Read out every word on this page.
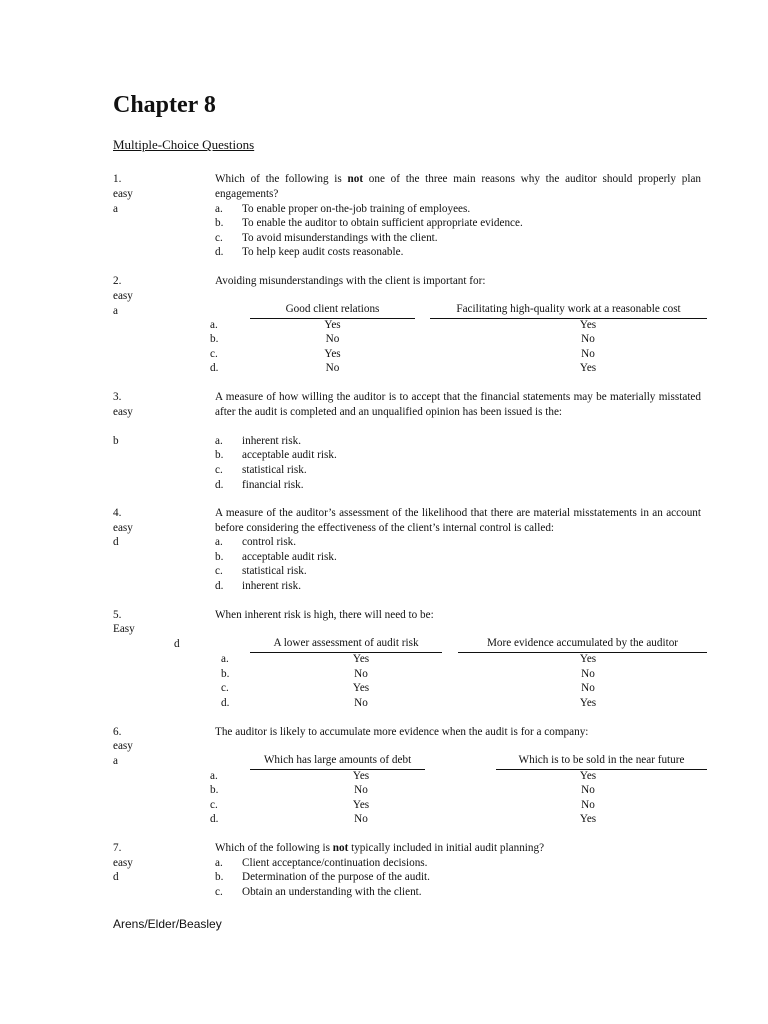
Chapter 8
Multiple-Choice Questions
1.
easy
a
Which of the following is not one of the three main reasons why the auditor should properly plan engagements?
a. To enable proper on-the-job training of employees.
b. To enable the auditor to obtain sufficient appropriate evidence.
c. To avoid misunderstandings with the client.
d. To help keep audit costs reasonable.
2.
easy
a
Avoiding misunderstandings with the client is important for:
Good client relations	Facilitating high-quality work at a reasonable cost
a.	Yes	Yes
b.	No	No
c.	Yes	No
d.	No	Yes
3.
easy
b
A measure of how willing the auditor is to accept that the financial statements may be materially misstated after the audit is completed and an unqualified opinion has been issued is the:
a. inherent risk.
b. acceptable audit risk.
c. statistical risk.
d. financial risk.
4.
easy
d
A measure of the auditor’s assessment of the likelihood that there are material misstatements in an account before considering the effectiveness of the client’s internal control is called:
a. control risk.
b. acceptable audit risk.
c. statistical risk.
d. inherent risk.
5.
Easy
d
When inherent risk is high, there will need to be:
A lower assessment of audit risk	More evidence accumulated by the auditor
a.	Yes	Yes
b.	No	No
c.	Yes	No
d.	No	Yes
6.
easy
a
The auditor is likely to accumulate more evidence when the audit is for a company:
Which has large amounts of debt	Which is to be sold in the near future
a.	Yes	Yes
b.	No	No
c.	Yes	No
d.	No	Yes
7.
easy
d
Which of the following is not typically included in initial audit planning?
a. Client acceptance/continuation decisions.
b. Determination of the purpose of the audit.
c. Obtain an understanding with the client.
Arens/Elder/Beasley
